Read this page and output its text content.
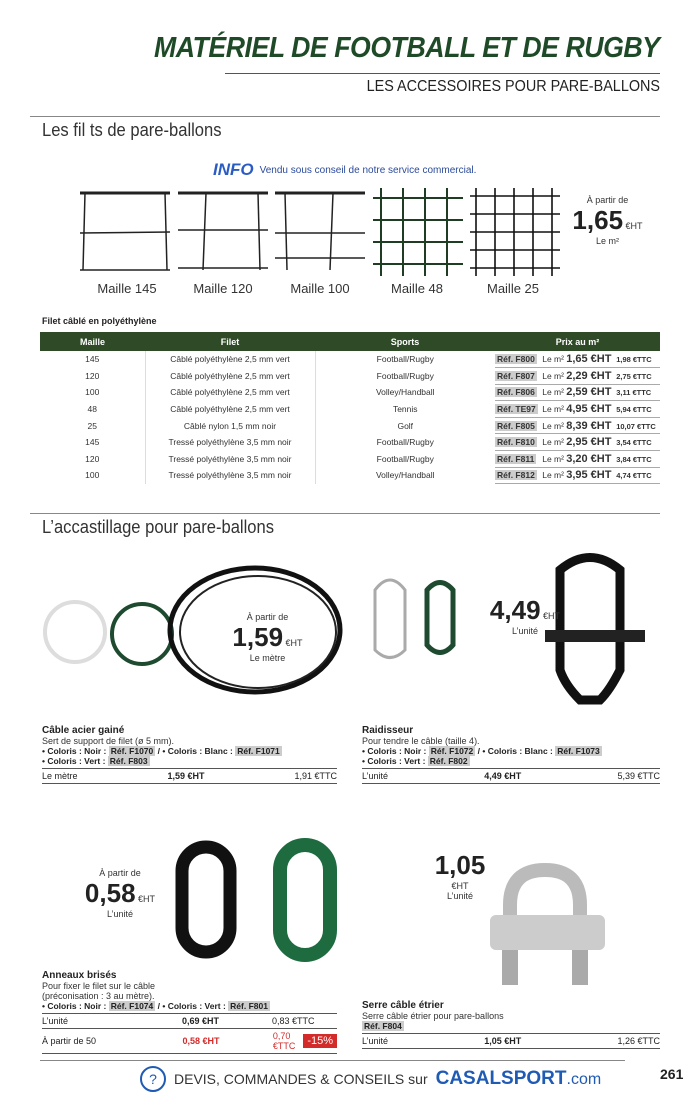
MATÉRIEL DE FOOTBALL ET DE RUGBY
LES ACCESSOIRES POUR PARE-BALLONS
Les fil ts de pare-ballons
INFO Vendu sous conseil de notre service commercial.
Maille 145	Maille 120	Maille 100	Maille 48	Maille 25
À partir de
1,65 €HT
Le m²
Filet câblé en polyéthylène
Maille	Filet	Sports	Prix au m²			
145	Câblé polyéthylène 2,5 mm vert	Football/Rugby	Réf. F800	Le m²	1,65 €HT	1,98 €TTC
120	Câblé polyéthylène 2,5 mm vert	Football/Rugby	Réf. F807	Le m²	2,29 €HT	2,75 €TTC
100	Câblé polyéthylène 2,5 mm vert	Volley/Handball	Réf. F806	Le m²	2,59 €HT	3,11 €TTC
48	Câblé polyéthylène 2,5 mm vert	Tennis	Réf. TE97	Le m²	4,95 €HT	5,94 €TTC
25	Câblé nylon 1,5 mm noir	Golf	Réf. F805	Le m²	8,39 €HT	10,07 €TTC
145	Tressé polyéthylène 3,5 mm noir	Football/Rugby	Réf. F810	Le m²	2,95 €HT	3,54 €TTC
120	Tressé polyéthylène 3,5 mm noir	Football/Rugby	Réf. F811	Le m²	3,20 €HT	3,84 €TTC
100	Tressé polyéthylène 3,5 mm noir	Volley/Handball	Réf. F812	Le m²	3,95 €HT	4,74 €TTC
L’accastillage pour pare-ballons
À partir de
1,59 €HT
Le mètre
Câble acier gainé
Sert de support de filet (ø 5 mm).
• Coloris : Noir : Réf. F1070 / • Coloris : Blanc : Réf. F1071
• Coloris : Vert : Réf. F803
Le mètre	1,59 €HT	1,91 €TTC
4,49 €HT
L’unité
Raidisseur
Pour tendre le câble (taille 4).
• Coloris : Noir : Réf. F1072 / • Coloris : Blanc : Réf. F1073
• Coloris : Vert : Réf. F802
L’unité	4,49 €HT	5,39 €TTC
À partir de
0,58 €HT
L’unité
Anneaux brisés
Pour fixer le filet sur le câble
(préconisation : 3 au mètre).
• Coloris : Noir : Réf. F1074 / • Coloris : Vert : Réf. F801
L’unité	0,69 €HT	0,83 €TTC
À partir de 50	0,58 €HT	0,70 €TTC	-15%
1,05 €HT
L’unité
Serre câble étrier
Serre câble étrier pour pare-ballons
Réf. F804
L’unité	1,05 €HT	1,26 €TTC
?	DEVIS, COMMANDES & CONSEILS sur CASALSPORT.com	261
